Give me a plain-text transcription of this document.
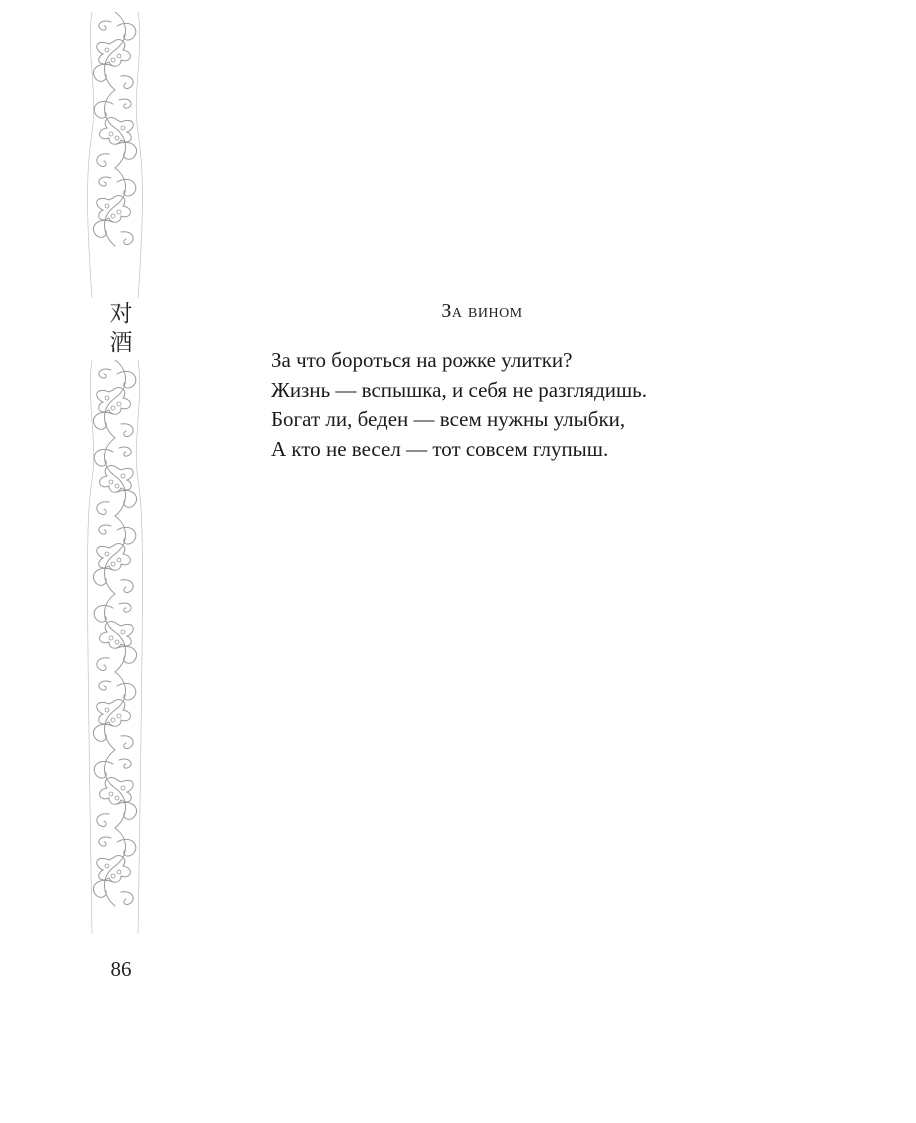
对
酒
86
За вином
За что бороться на рожке улитки?
Жизнь — вспышка, и себя не разглядишь.
Богат ли, беден — всем нужны улыбки,
А кто не весел — тот совсем глупыш.
